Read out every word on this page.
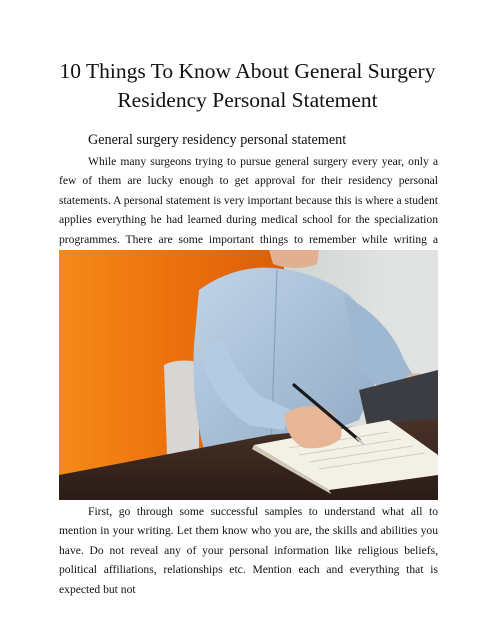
10 Things To Know About General Surgery Residency Personal Statement

General surgery residency personal statement

While many surgeons trying to pursue general surgery every year, only a few of them are lucky enough to get approval for their residency personal statements. A personal statement is very important because this is where a student applies everything he had learned during medical school for the specialization programmes. There are some important things to remember while writing a

First, go through some successful samples to understand what all to mention in your writing. Let them know who you are, the skills and abilities you have. Do not reveal any of your personal information like religious beliefs, political affiliations, relationships etc. Mention each and everything that is expected but not
